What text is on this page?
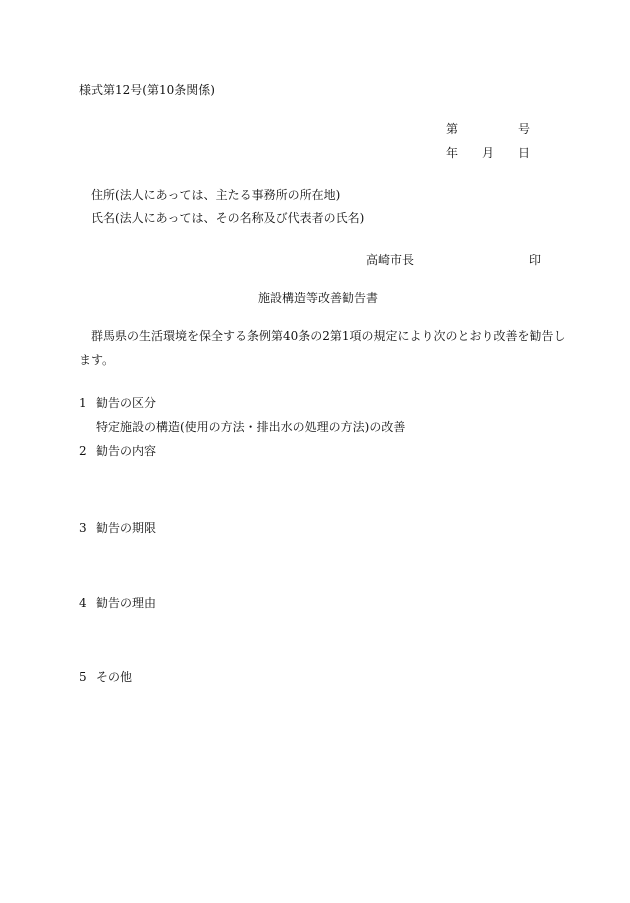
様式第12号(第10条関係)
第	号
年 月 日
住所(法人にあっては、主たる事務所の所在地)
氏名(法人にあっては、その名称及び代表者の氏名)
高崎市長	印
施設構造等改善勧告書
群馬県の生活環境を保全する条例第40条の2第1項の規定により次のとおり改善を勧告し
ます。
1 勧告の区分
特定施設の構造(使用の方法・排出水の処理の方法)の改善
2 勧告の内容
3 勧告の期限
4 勧告の理由
5 その他
